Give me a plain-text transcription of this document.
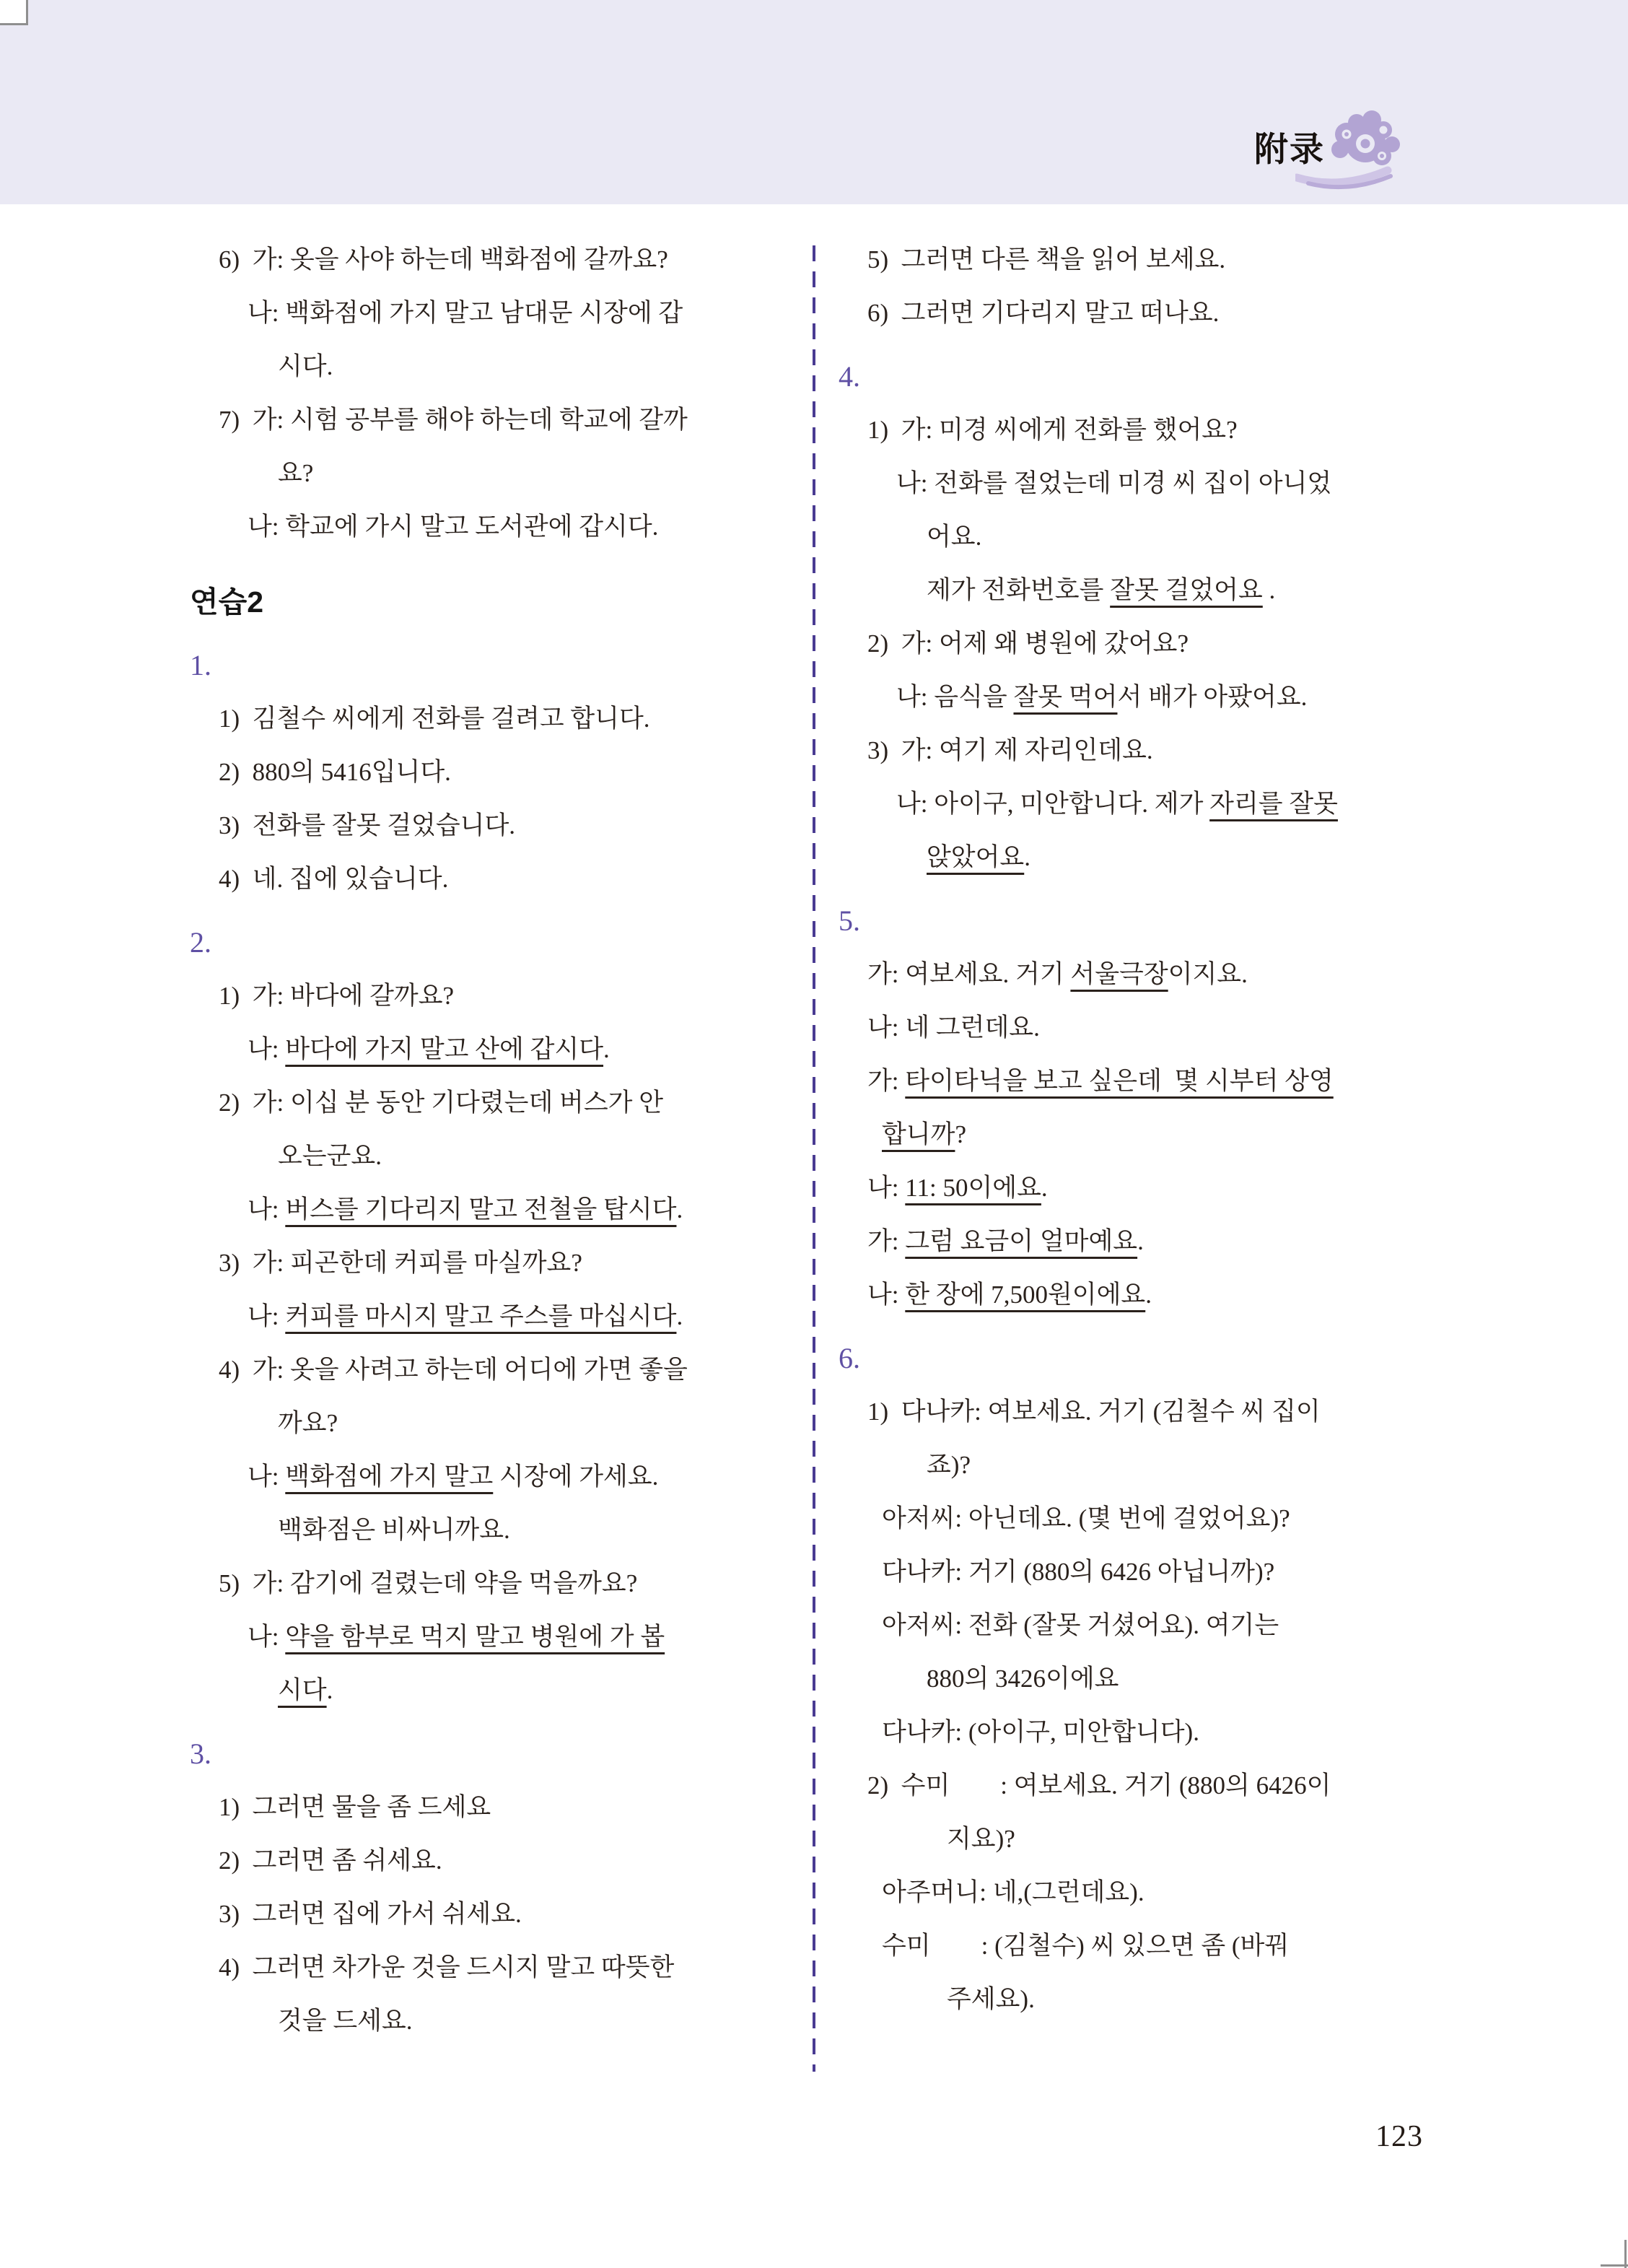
附录
6)  가: 옷을 사야 하는데 백화점에 갈까요?
나: 백화점에 가지 말고 남대문 시장에 갑
시다.
7)  가: 시험 공부를 해야 하는데 학교에 갈까
요?
나: 학교에 가시 말고 도서관에 갑시다.
연습2
1.
1)  김철수 씨에게 전화를 걸려고 합니다.
2)  880의 5416입니다.
3)  전화를 잘못 걸었습니다.
4)  네. 집에 있습니다.
2.
1)  가: 바다에 갈까요?
나: 바다에 가지 말고 산에 갑시다.
2)  가: 이십 분 동안 기다렸는데 버스가 안
오는군요.
나: 버스를 기다리지 말고 전철을 탑시다.
3)  가: 피곤한데 커피를 마실까요?
나: 커피를 마시지 말고 주스를 마십시다.
4)  가: 옷을 사려고 하는데 어디에 가면 좋을
까요?
나: 백화점에 가지 말고 시장에 가세요.
백화점은 비싸니까요.
5)  가: 감기에 걸렸는데 약을 먹을까요?
나: 약을 함부로 먹지 말고 병원에 가 봅
시다.
3.
1)  그러면 물을 좀 드세요
2)  그러면 좀 쉬세요.
3)  그러면 집에 가서 쉬세요.
4)  그러면 차가운 것을 드시지 말고 따뜻한
것을 드세요.
5)  그러면 다른 책을 읽어 보세요.
6)  그러면 기다리지 말고 떠나요.
4.
1)  가: 미경 씨에게 전화를 했어요?
나: 전화를 절었는데 미경 씨 집이 아니었
어요.
제가 전화번호를 잘못 걸었어요 .
2)  가: 어제 왜 병원에 갔어요?
나: 음식을 잘못 먹어서 배가 아팠어요.
3)  가: 여기 제 자리인데요.
나: 아이구, 미안합니다. 제가 자리를 잘못
앉았어요.
5.
가: 여보세요. 거기 서울극장이지요.
나: 네 그런데요.
가: 타이타닉을 보고 싶은데  몇 시부터 상영
합니까?
나: 11: 50이에요.
가: 그럼 요금이 얼마예요.
나: 한 장에 7,500원이에요.
6.
1)  다나카: 여보세요. 거기 (김철수 씨 집이
죠)?
아저씨: 아닌데요. (몇 번에 걸었어요)?
다나카: 거기 (880의 6426 아닙니까)?
아저씨: 전화 (잘못 거셨어요). 여기는
880의 3426이에요
다나카: (아이구, 미안합니다).
2)  수미　　: 여보세요. 거기 (880의 6426이
지요)?
아주머니: 네,(그런데요).
수미　　: (김철수) 씨 있으면 좀 (바꿔
주세요).
123
